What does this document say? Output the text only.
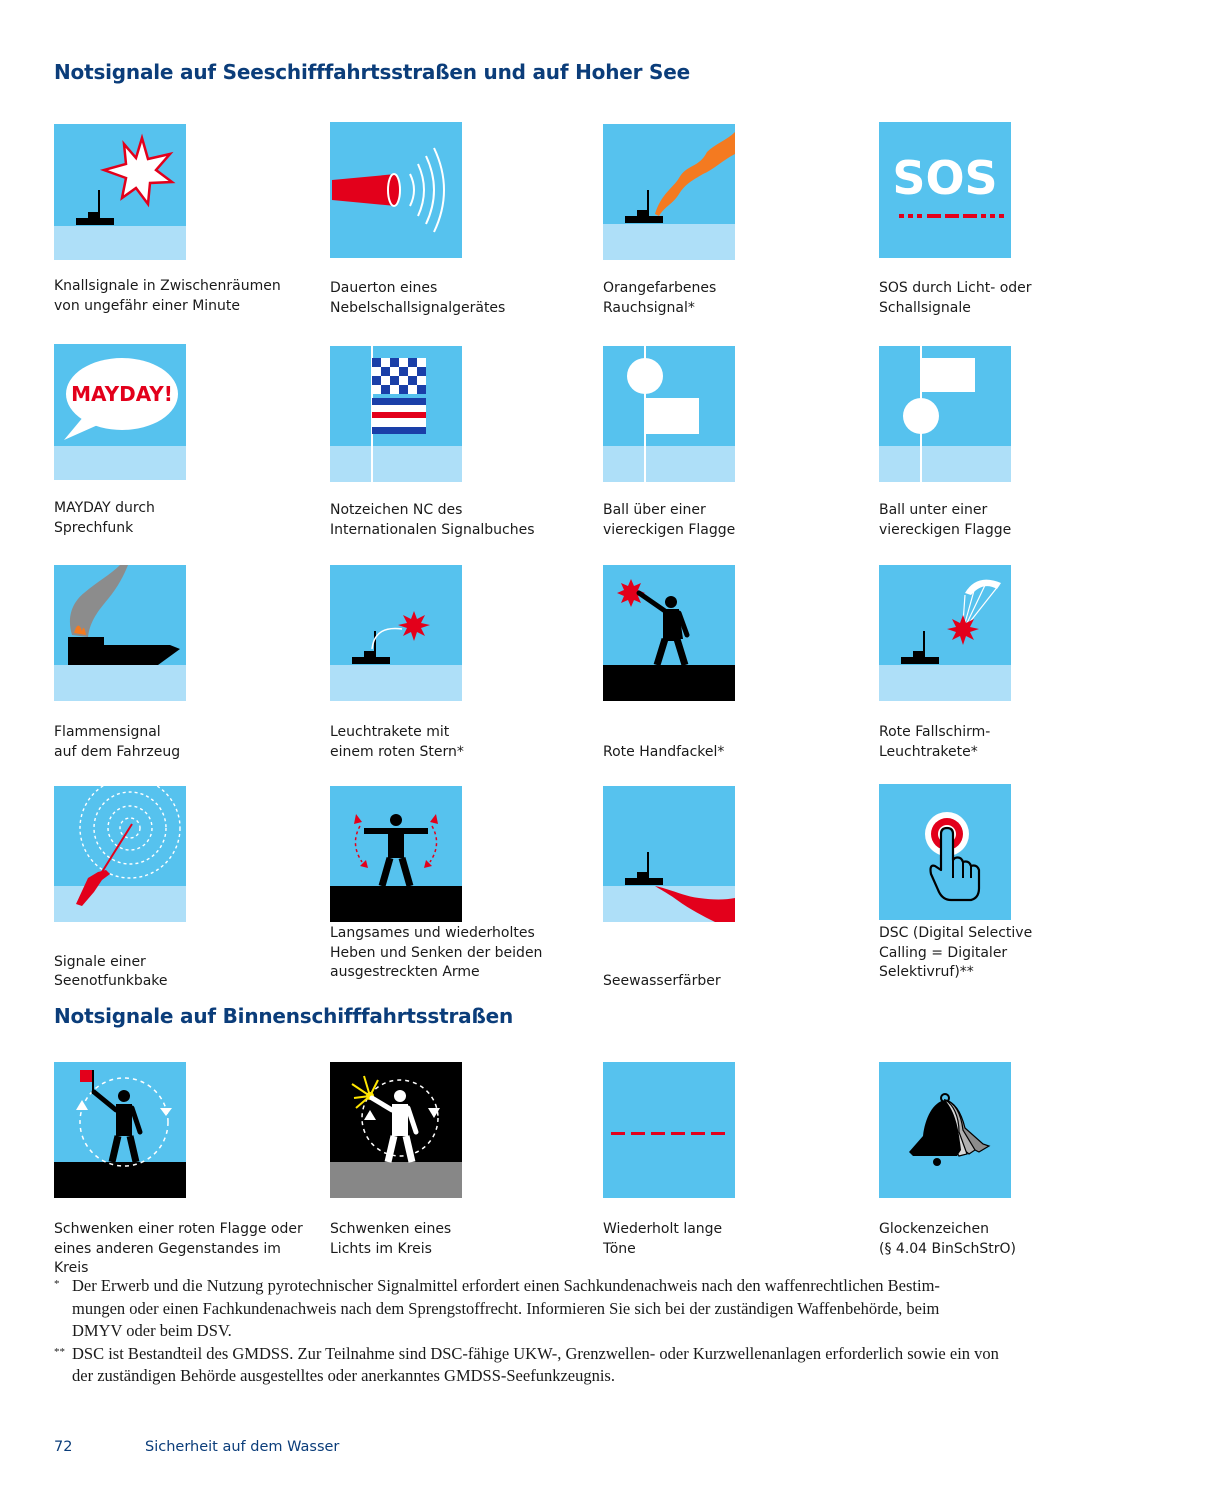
Notsignale auf Seeschifffahrtsstraßen und auf Hoher See
Notsignale auf Binnenschifffahrtsstraßen
Knallsignale in Zwischenräumen
von ungefähr einer Minute
Dauerton eines
Nebelschallsignalgerätes
Orangefarbenes
Rauchsignal*
SOS
SOS durch Licht- oder
Schallsignale
MAYDAY!
MAYDAY durch
Sprechfunk
Notzeichen NC des
Internationalen Signalbuches
Ball über einer
viereckigen Flagge
Ball unter einer
viereckigen Flagge
Flammensignal
auf dem Fahrzeug
Leuchtrakete mit
einem roten Stern*
	Rote Handfackel*
Rote Fallschirm-
Leuchtrakete*

Signale einer
Seenotfunkbake
Langsames und wiederholtes
Heben und Senken der beiden
ausgestreckten Arme

Seewasserfärber
DSC (Digital Selective
Calling = Digitaler
Selektivruf)**
Schwenken einer roten Flagge oder
eines anderen Gegenstandes im Kreis
Schwenken eines
Lichts im Kreis
Wiederholt lange
Töne
Glockenzeichen
(§ 4.04 BinSchStrO)

* Der Erwerb und die Nutzung pyrotechnischer Signalmittel erfordert einen Sachkundenachweis nach den waffenrechtlichen Bestim-
mungen oder einen Fachkundenachweis nach dem Sprengstoffrecht. Informieren Sie sich bei der zuständigen Waffenbehörde, beim
DMYV oder beim DSV.

** DSC ist Bestandteil des GMDSS. Zur Teilnahme sind DSC-fähige UKW-, Grenzwellen- oder Kurzwellenanlagen erforderlich sowie ein von
der zuständigen Behörde ausgestelltes oder anerkanntes GMDSS-Seefunkzeugnis.

72	Sicherheit auf dem Wasser
